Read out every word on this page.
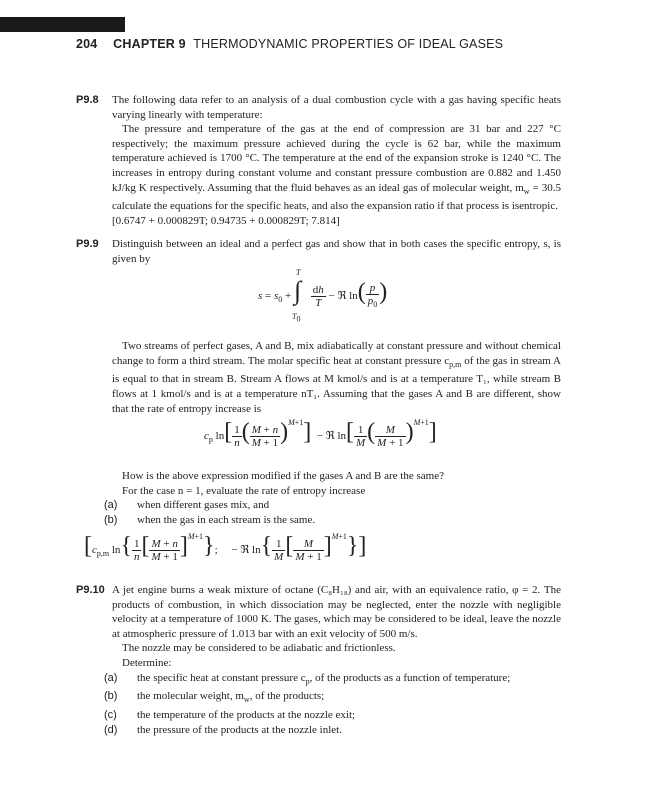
204 CHAPTER 9 THERMODYNAMIC PROPERTIES OF IDEAL GASES
P9.8 The following data refer to an analysis of a dual combustion cycle with a gas having specific heats varying linearly with temperature:

The pressure and temperature of the gas at the end of compression are 31 bar and 227 °C respectively; the maximum pressure achieved during the cycle is 62 bar, while the maximum temperature achieved is 1700 °C. The temperature at the end of the expansion stroke is 1240 °C. The increases in entropy during constant volume and constant pressure combustion are 0.882 and 1.450 kJ/kg K respectively. Assuming that the fluid behaves as an ideal gas of molecular weight, $m_w = 30.5$ calculate the equations for the specific heats, and also the expansion ratio if that process is isentropic.

[0.6747 + 0.000829T; 0.94735 + 0.000829T; 7.814]

P9.9 Distinguish between an ideal and a perfect gas and show that in both cases the specific entropy, s, is given by

$s = s_0$ +
T
∫
$T_0$

$\frac{dh}{T}$ − ℜ $\ln( \frac{p}{p_0}$ )

Two streams of perfect gases, A and B, mix adiabatically at constant pressure and without chemical change to form a third stream. The molar specific heat at constant pressure $c_{p,m}$ of the gas in stream A is equal to that in stream B. Stream A flows at M kmol/s and is at a temperature T₁, while stream B flows at 1 kmol/s and is at a temperature nT₁. Assuming that the gases A and B are different, show that the rate of entropy increase is

$c_p$ $\ln[ \frac{1}{n}$ ( $\frac{M + n}{M + 1} )^{M+1}$]  − ℜ $\ln[ \frac{1}{M}$ ( $\frac{M}{M + 1} )^{M+1}$]

How is the above expression modified if the gases A and B are the same?

For the case n = 1, evaluate the rate of entropy increase

(a) when different gases mix, and

(b) when the gas in each stream is the same.

[$c_{p,m}$ $\ln\{ \frac{1}{n}$ [ $\frac{M + n}{M + 1} ]^{M+1}$};     − ℜ $\ln\{ \frac{1}{M}$ [ $\frac{M}{M + 1} ]^{M+1}$}]
P9.10 A jet engine burns a weak mixture of octane (C₈H₁₈) and air, with an equivalence ratio, φ = 2. The products of combustion, in which dissociation may be neglected, enter the nozzle with negligible velocity at a temperature of 1000 K. The gases, which may be considered to be ideal, leave the nozzle at atmospheric pressure of 1.013 bar with an exit velocity of 500 m/s.

The nozzle may be considered to be adiabatic and frictionless.

Determine:

(a) the specific heat at constant pressure $c_p$, of the products as a function of temperature;

(b) the molecular weight, $m_w$, of the products;

(c) the temperature of the products at the nozzle exit;

(d) the pressure of the products at the nozzle inlet.
